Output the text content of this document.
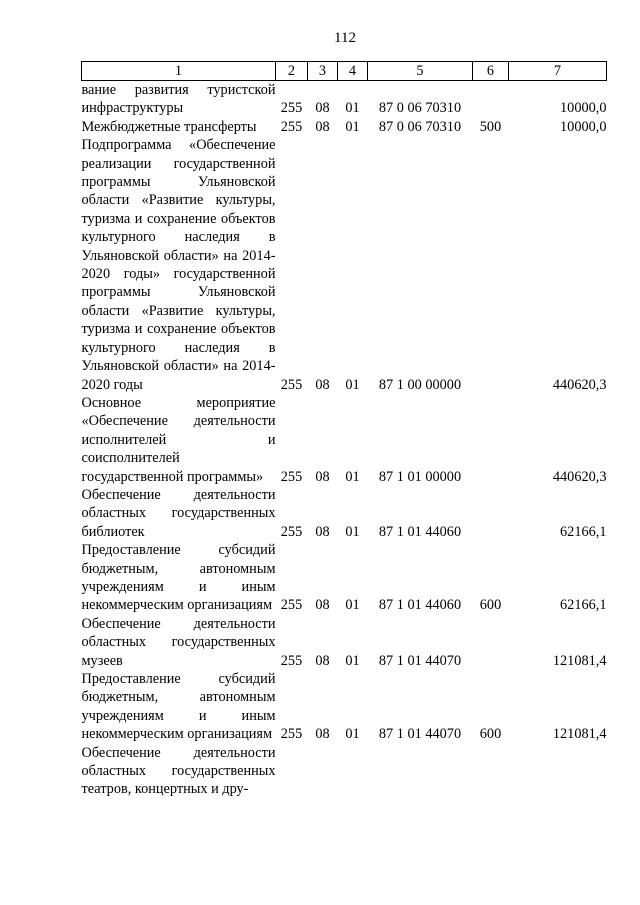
112
1	2	3	4	5	6	7
вание развития туристской инфраструктуры	255	08	01	87 0 06 70310		10000,0
Межбюджетные трансферты	255	08	01	87 0 06 70310	500	10000,0
Подпрограмма «Обеспечение реализации государственной программы Ульяновской области «Развитие культуры, туризма и сохранение объектов культурного наследия в Ульяновской области» на 2014-2020 годы» государственной программы Ульяновской области «Развитие культуры, туризма и сохранение объектов культурного наследия в Ульяновской области» на 2014-2020 годы	255	08	01	87 1 00 00000		440620,3
Основное мероприятие «Обеспечение деятельности исполнителей и соисполнителей государственной программы»	255	08	01	87 1 01 00000		440620,3
Обеспечение деятельности областных государственных библиотек	255	08	01	87 1 01 44060		62166,1
Предоставление субсидий бюджетным, автономным учреждениям и иным некоммерческим организациям	255	08	01	87 1 01 44060	600	62166,1
Обеспечение деятельности областных государственных музеев	255	08	01	87 1 01 44070		121081,4
Предоставление субсидий бюджетным, автономным учреждениям и иным некоммерческим организациям	255	08	01	87 1 01 44070	600	121081,4
Обеспечение деятельности областных государственных театров, концертных и дру-						
